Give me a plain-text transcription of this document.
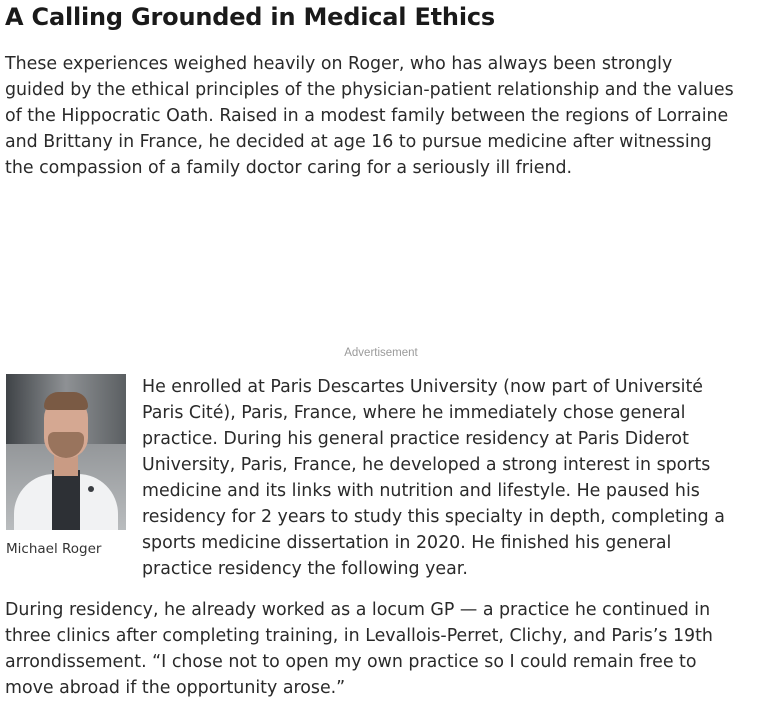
A Calling Grounded in Medical Ethics

These experiences weighed heavily on Roger, who has always been strongly guided by the ethical principles of the physician-patient relationship and the values of the Hippocratic Oath. Raised in a modest family between the regions of Lorraine and Brittany in France, he decided at age 16 to pursue medicine after witnessing the compassion of a family doctor caring for a seriously ill friend.

Advertisement
Michael Roger

He enrolled at Paris Descartes University (now part of Université Paris Cité), Paris, France, where he immediately chose general practice. During his general practice residency at Paris Diderot University, Paris, France, he developed a strong interest in sports medicine and its links with nutrition and lifestyle. He paused his residency for 2 years to study this specialty in depth, completing a sports medicine dissertation in 2020. He finished his general practice residency the following year.

During residency, he already worked as a locum GP — a practice he continued in three clinics after completing training, in Levallois-Perret, Clichy, and Paris’s 19th arrondissement. “I chose not to open my own practice so I could remain free to move abroad if the opportunity arose.”
